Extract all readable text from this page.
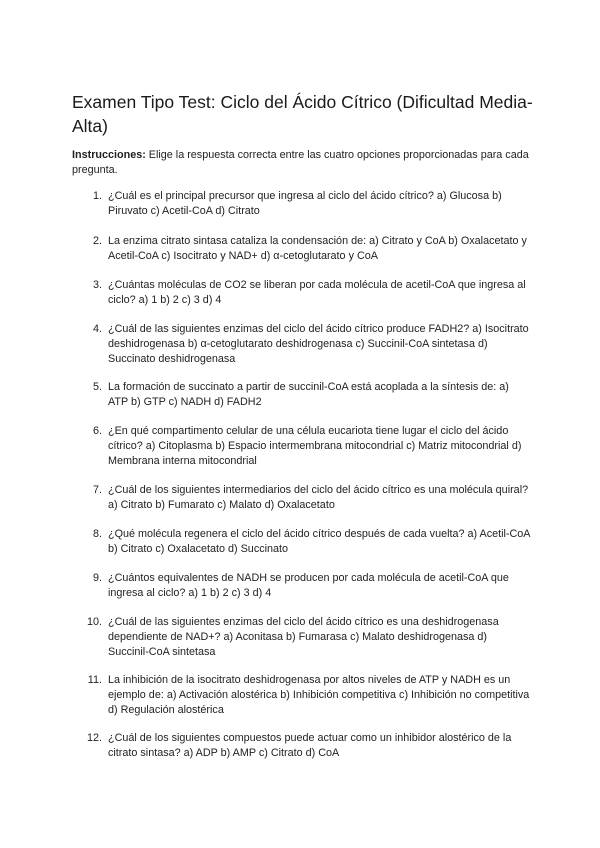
Examen Tipo Test: Ciclo del Ácido Cítrico (Dificultad Media-Alta)

Instrucciones: Elige la respuesta correcta entre las cuatro opciones proporcionadas para cada pregunta.

1. ¿Cuál es el principal precursor que ingresa al ciclo del ácido cítrico? a) Glucosa b) Piruvato c) Acetil-CoA d) Citrato
2. La enzima citrato sintasa cataliza la condensación de: a) Citrato y CoA b) Oxalacetato y Acetil-CoA c) Isocitrato y NAD+ d) α-cetoglutarato y CoA
3. ¿Cuántas moléculas de CO2 se liberan por cada molécula de acetil-CoA que ingresa al ciclo? a) 1 b) 2 c) 3 d) 4
4. ¿Cuál de las siguientes enzimas del ciclo del ácido cítrico produce FADH2? a) Isocitrato deshidrogenasa b) α-cetoglutarato deshidrogenasa c) Succinil-CoA sintetasa d) Succinato deshidrogenasa
5. La formación de succinato a partir de succinil-CoA está acoplada a la síntesis de: a) ATP b) GTP c) NADH d) FADH2
6. ¿En qué compartimento celular de una célula eucariota tiene lugar el ciclo del ácido cítrico? a) Citoplasma b) Espacio intermembrana mitocondrial c) Matriz mitocondrial d) Membrana interna mitocondrial
7. ¿Cuál de los siguientes intermediarios del ciclo del ácido cítrico es una molécula quiral? a) Citrato b) Fumarato c) Malato d) Oxalacetato
8. ¿Qué molécula regenera el ciclo del ácido cítrico después de cada vuelta? a) Acetil-CoA b) Citrato c) Oxalacetato d) Succinato
9. ¿Cuántos equivalentes de NADH se producen por cada molécula de acetil-CoA que ingresa al ciclo? a) 1 b) 2 c) 3 d) 4
10. ¿Cuál de las siguientes enzimas del ciclo del ácido cítrico es una deshidrogenasa dependiente de NAD+? a) Aconitasa b) Fumarasa c) Malato deshidrogenasa d) Succinil-CoA sintetasa
11. La inhibición de la isocitrato deshidrogenasa por altos niveles de ATP y NADH es un ejemplo de: a) Activación alostérica b) Inhibición competitiva c) Inhibición no competitiva d) Regulación alostérica
12. ¿Cuál de los siguientes compuestos puede actuar como un inhibidor alostérico de la citrato sintasa? a) ADP b) AMP c) Citrato d) CoA
